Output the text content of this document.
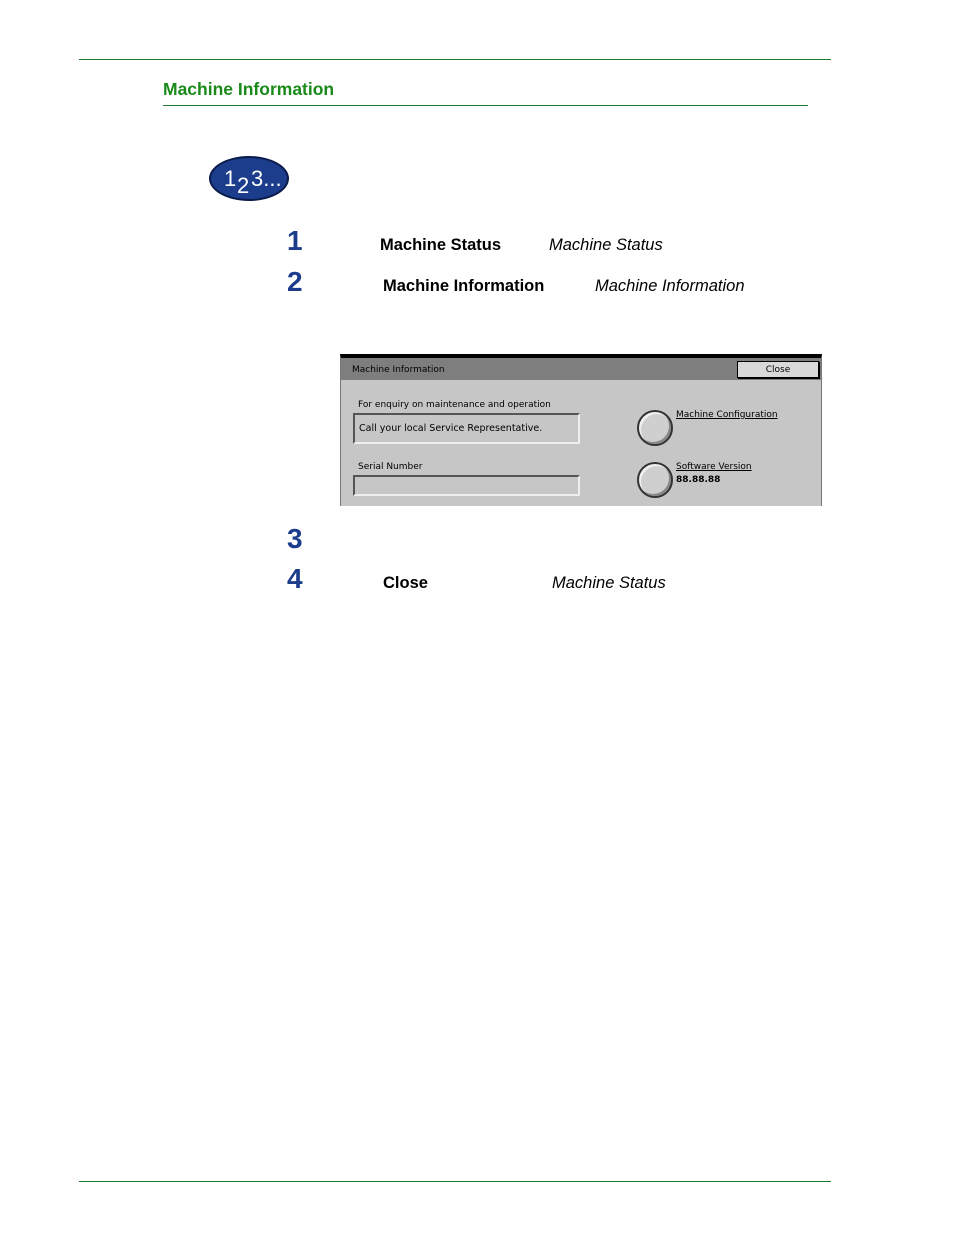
Machine Information
1 2 3...
1	Machine Status	Machine Status
2	Machine Information	Machine Information
Machine Information	Close
For enquiry on maintenance and operation
Call your local Service Representative.
Serial Number
Machine Configuration
Software Version
88.88.88
3
4	Close	Machine Status
